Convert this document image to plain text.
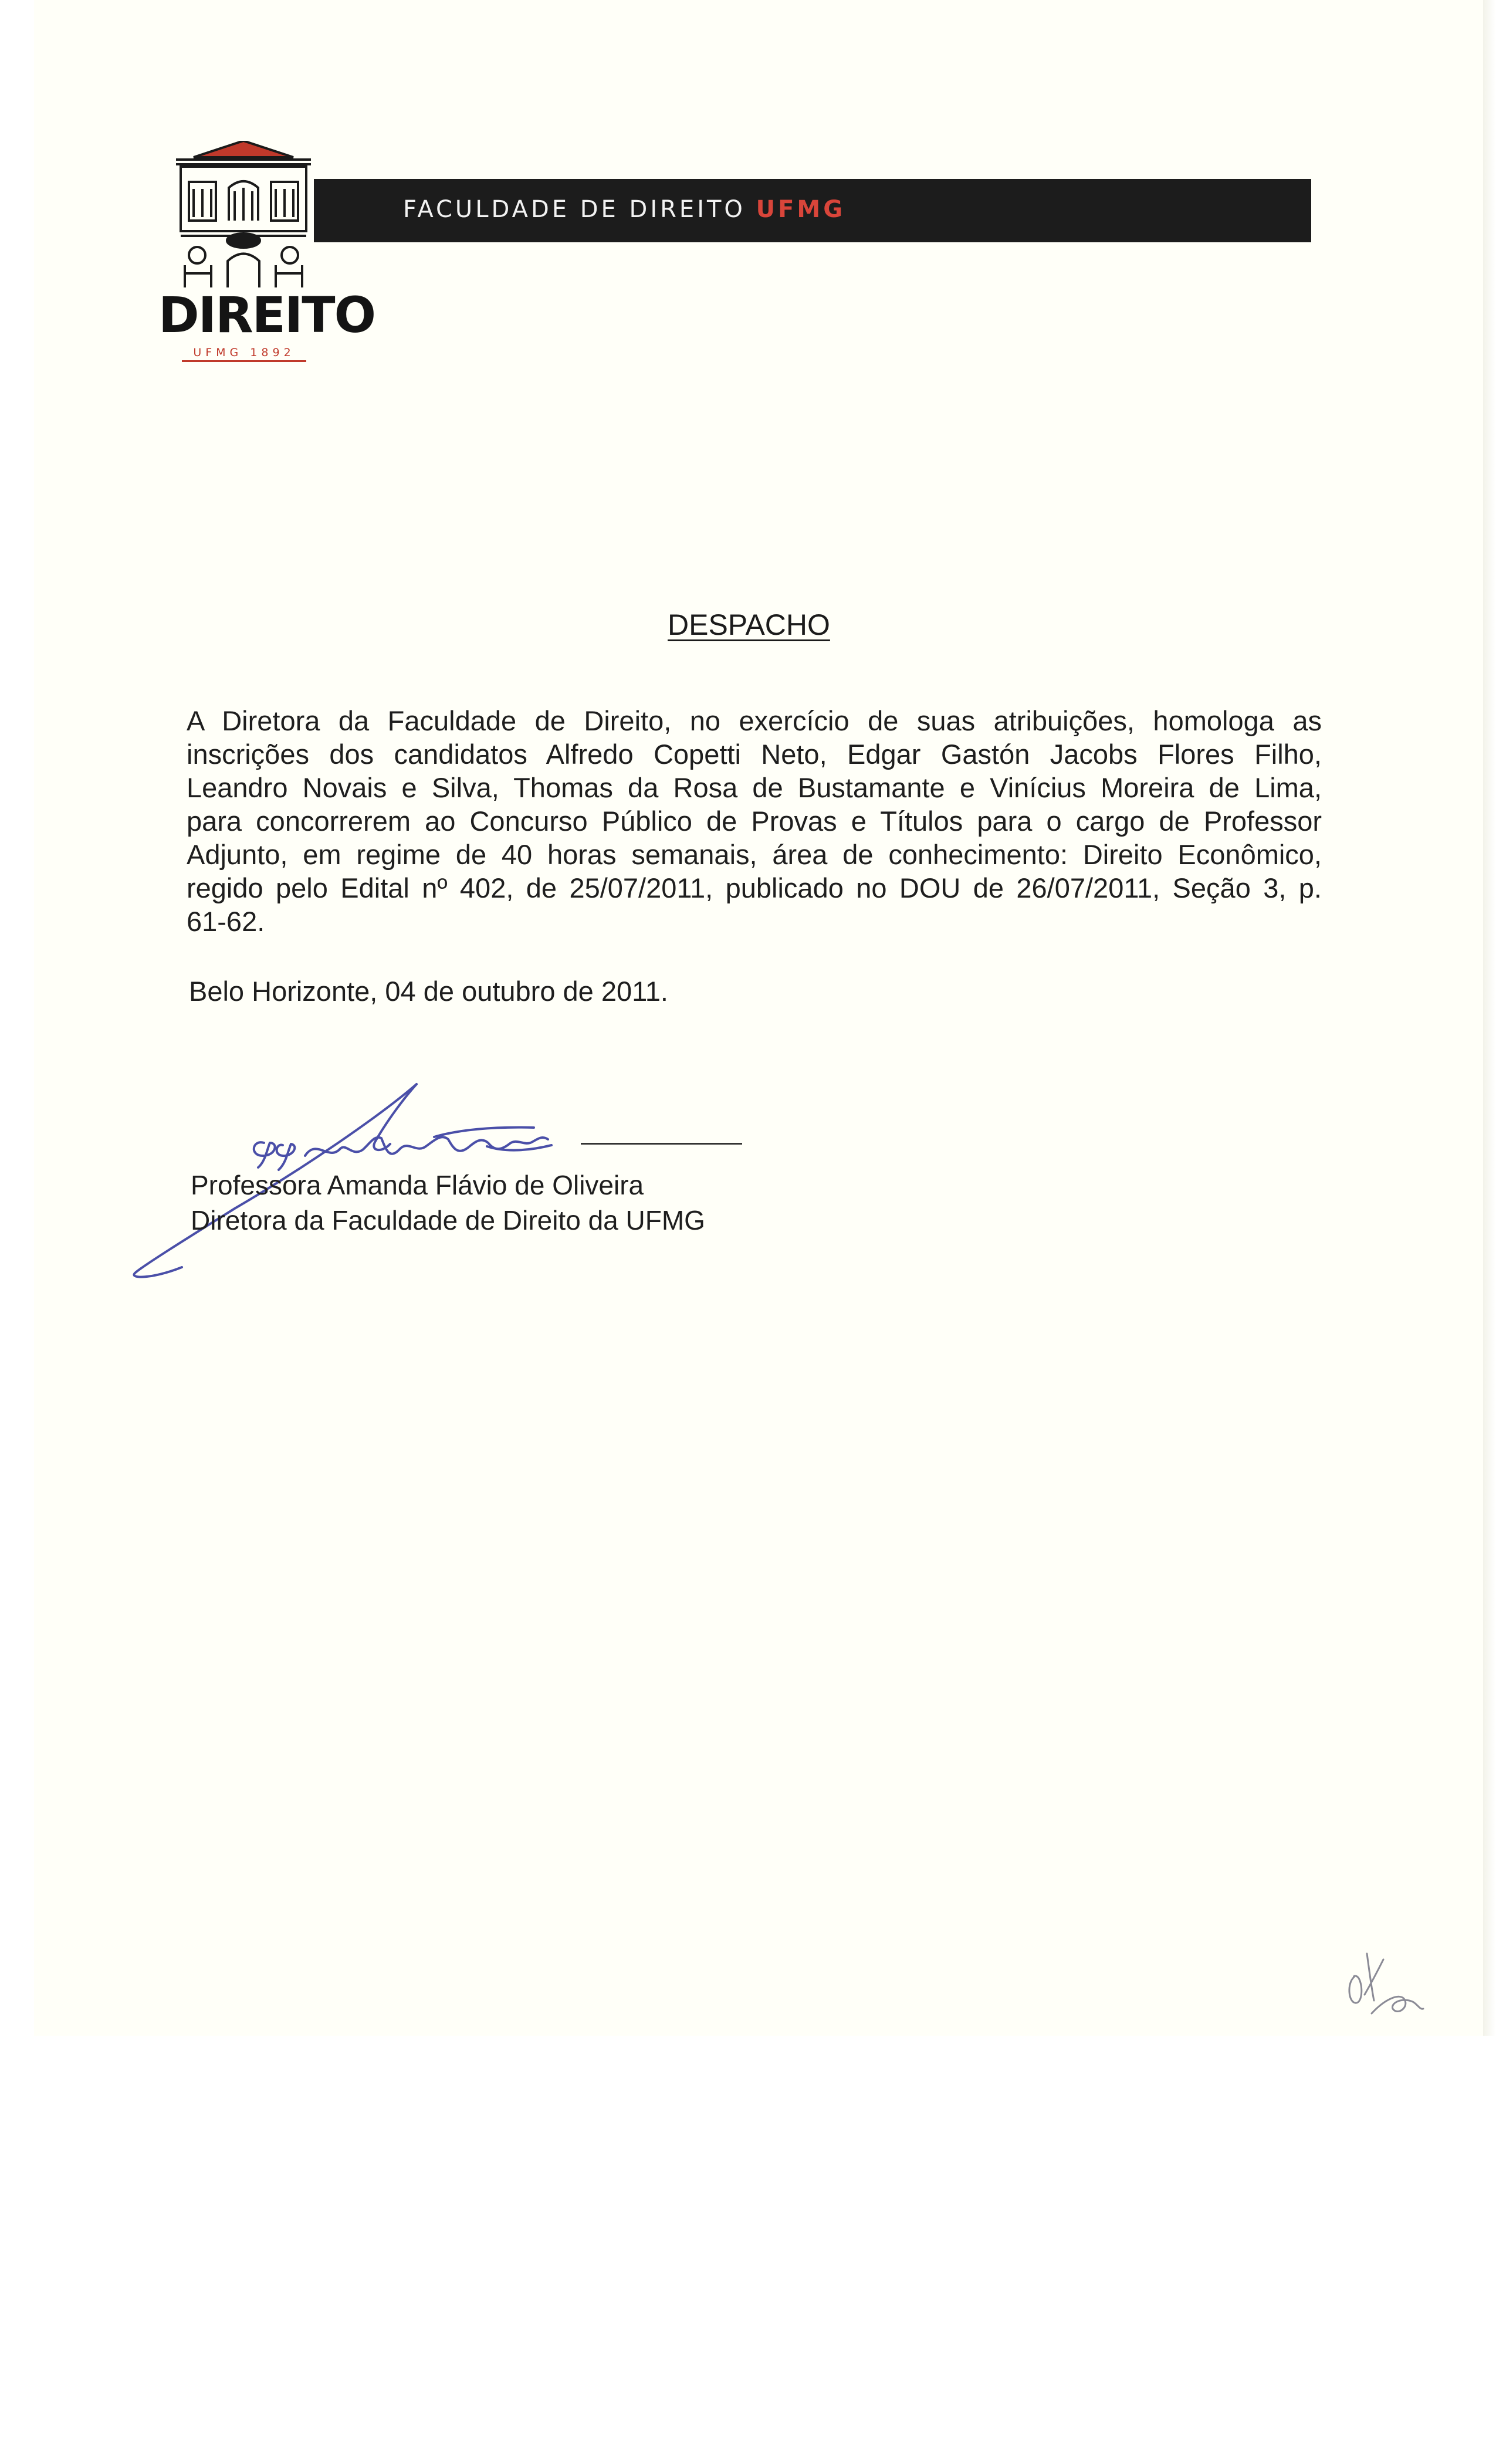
DIREITO
UFMG 1892
FACULDADE DE DIREITO UFMG
DESPACHO
A Diretora da Faculdade de Direito, no exercício de suas atribuições, homologa as
inscrições dos candidatos Alfredo Copetti Neto, Edgar Gastón Jacobs Flores Filho,
Leandro Novais e Silva, Thomas da Rosa de Bustamante e Vinícius Moreira de Lima,
para concorrerem ao Concurso Público de Provas e Títulos para o cargo de Professor
Adjunto, em regime de 40 horas semanais, área de conhecimento: Direito Econômico,
regido pelo Edital nº 402, de 25/07/2011, publicado no DOU de 26/07/2011, Seção 3, p.
61-62.
Belo Horizonte, 04 de outubro de 2011.
Professora Amanda Flávio de Oliveira
Diretora da Faculdade de Direito da UFMG
